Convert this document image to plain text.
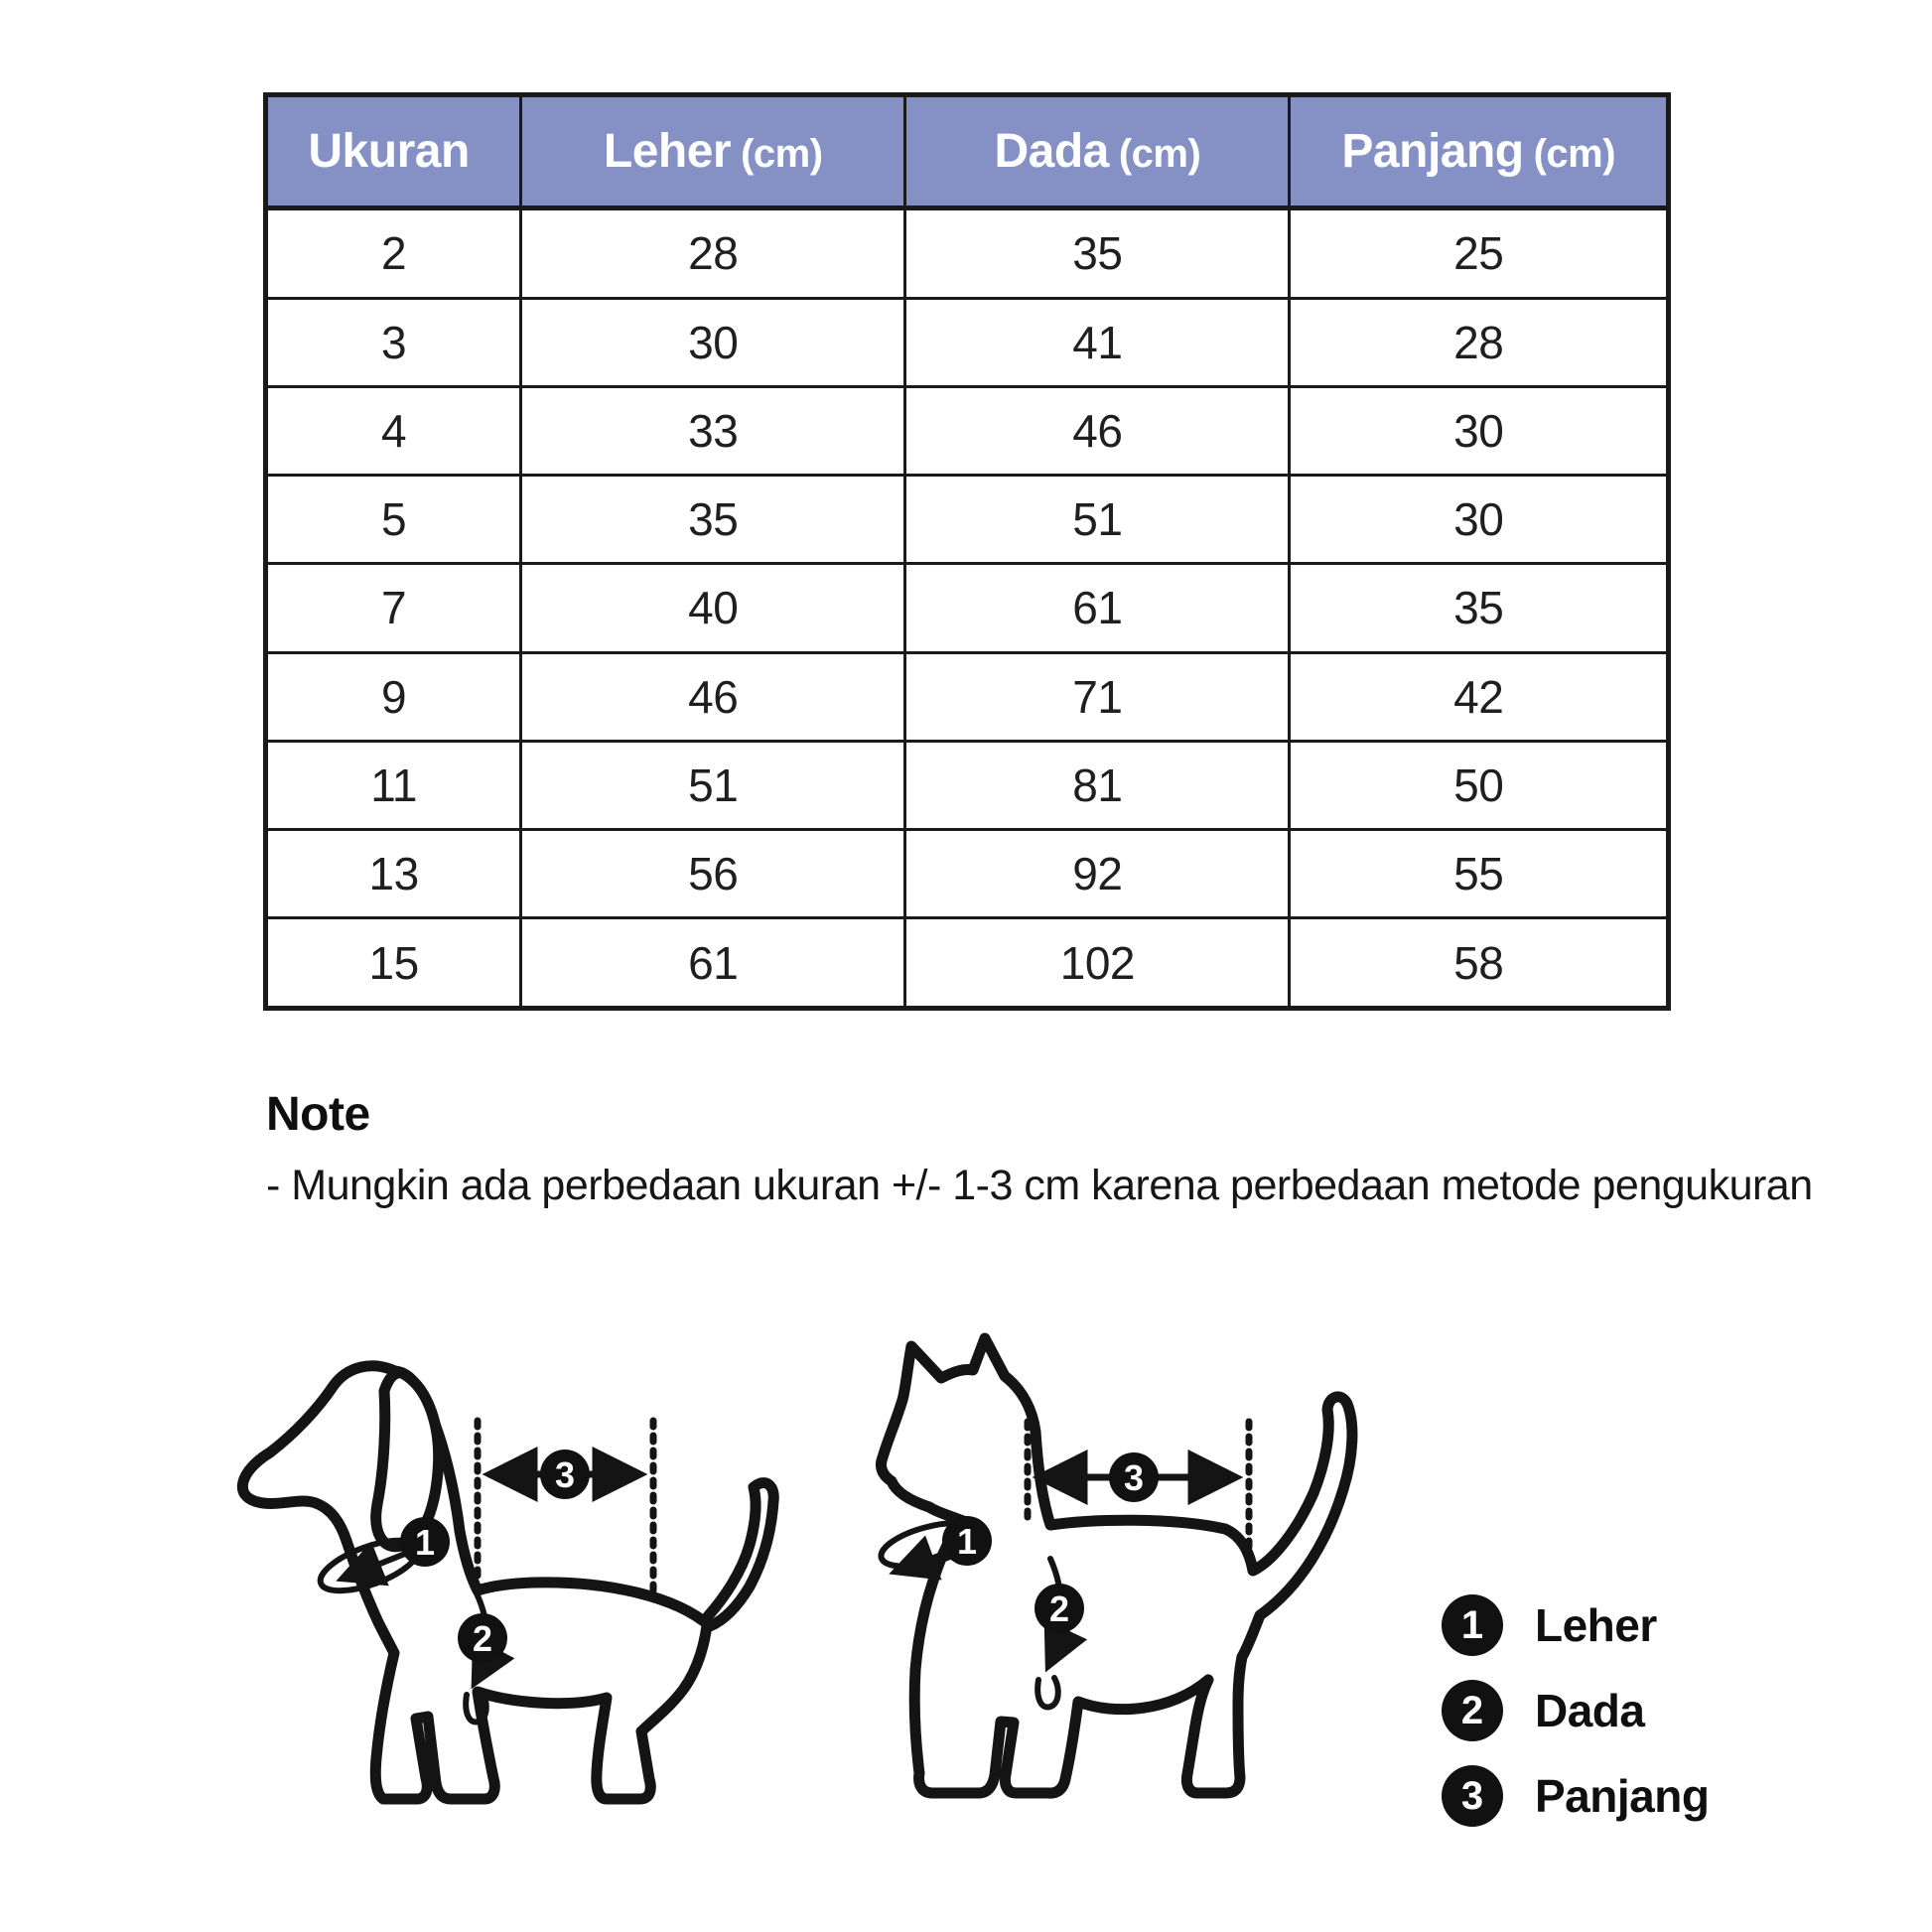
Ukuran	Leher (cm)	Dada (cm)	Panjang (cm)
2	28	35	25
3	30	41	28
4	33	46	30
5	35	51	30
7	40	61	35
9	46	71	42
11	51	81	50
13	56	92	55
15	61	102	58
Note
- Mungkin ada perbedaan ukuran +/- 1-3 cm karena perbedaan metode pengukuran
1
2
3
1
2
3
1	Leher
2	Dada
3	Panjang
